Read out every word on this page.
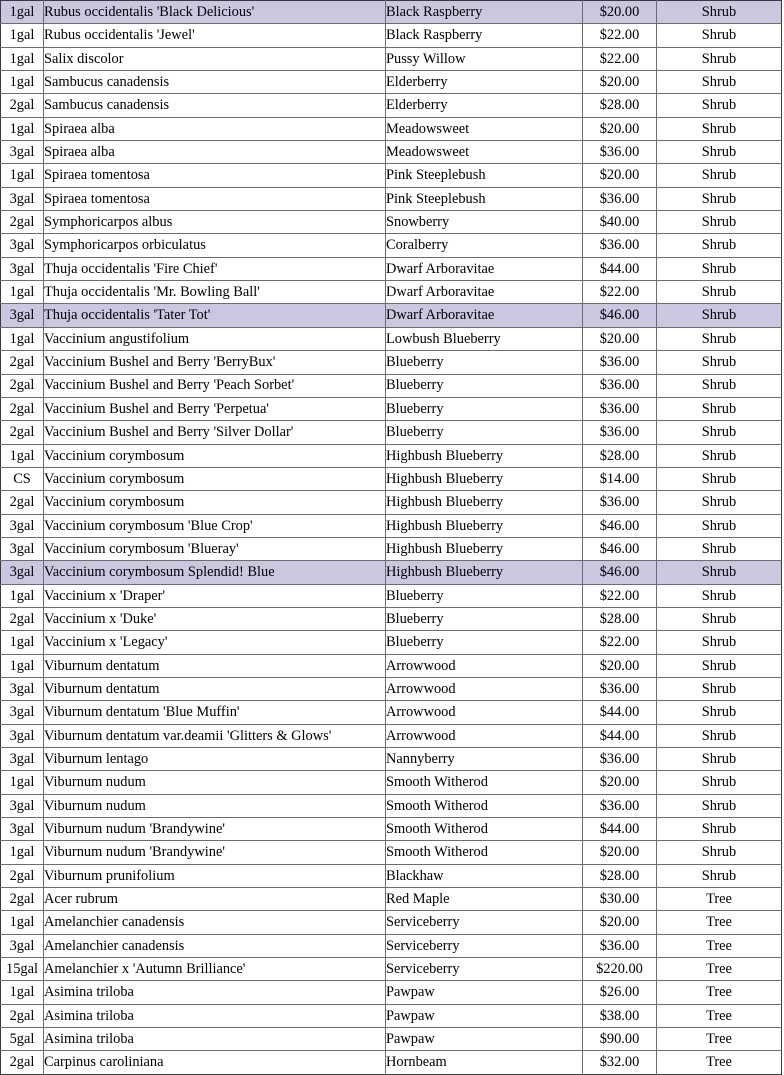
1gal	Rubus occidentalis 'Black Delicious'	Black Raspberry	$20.00	Shrub
1gal	Rubus occidentalis 'Jewel'	Black Raspberry	$22.00	Shrub
1gal	Salix discolor	Pussy Willow	$22.00	Shrub
1gal	Sambucus canadensis	Elderberry	$20.00	Shrub
2gal	Sambucus canadensis	Elderberry	$28.00	Shrub
1gal	Spiraea alba	Meadowsweet	$20.00	Shrub
3gal	Spiraea alba	Meadowsweet	$36.00	Shrub
1gal	Spiraea tomentosa	Pink Steeplebush	$20.00	Shrub
3gal	Spiraea tomentosa	Pink Steeplebush	$36.00	Shrub
2gal	Symphoricarpos albus	Snowberry	$40.00	Shrub
3gal	Symphoricarpos orbiculatus	Coralberry	$36.00	Shrub
3gal	Thuja occidentalis 'Fire Chief'	Dwarf Arboravitae	$44.00	Shrub
1gal	Thuja occidentalis 'Mr. Bowling Ball'	Dwarf Arboravitae	$22.00	Shrub
3gal	Thuja occidentalis 'Tater Tot'	Dwarf Arboravitae	$46.00	Shrub
1gal	Vaccinium angustifolium	Lowbush Blueberry	$20.00	Shrub
2gal	Vaccinium Bushel and Berry 'BerryBux'	Blueberry	$36.00	Shrub
2gal	Vaccinium Bushel and Berry 'Peach Sorbet'	Blueberry	$36.00	Shrub
2gal	Vaccinium Bushel and Berry 'Perpetua'	Blueberry	$36.00	Shrub
2gal	Vaccinium Bushel and Berry 'Silver Dollar'	Blueberry	$36.00	Shrub
1gal	Vaccinium corymbosum	Highbush Blueberry	$28.00	Shrub
CS	Vaccinium corymbosum	Highbush Blueberry	$14.00	Shrub
2gal	Vaccinium corymbosum	Highbush Blueberry	$36.00	Shrub
3gal	Vaccinium corymbosum 'Blue Crop'	Highbush Blueberry	$46.00	Shrub
3gal	Vaccinium corymbosum 'Blueray'	Highbush Blueberry	$46.00	Shrub
3gal	Vaccinium corymbosum Splendid! Blue	Highbush Blueberry	$46.00	Shrub
1gal	Vaccinium x 'Draper'	Blueberry	$22.00	Shrub
2gal	Vaccinium x 'Duke'	Blueberry	$28.00	Shrub
1gal	Vaccinium x 'Legacy'	Blueberry	$22.00	Shrub
1gal	Viburnum dentatum	Arrowwood	$20.00	Shrub
3gal	Viburnum dentatum	Arrowwood	$36.00	Shrub
3gal	Viburnum dentatum 'Blue Muffin'	Arrowwood	$44.00	Shrub
3gal	Viburnum dentatum var.deamii 'Glitters & Glows'	Arrowwood	$44.00	Shrub
3gal	Viburnum lentago	Nannyberry	$36.00	Shrub
1gal	Viburnum nudum	Smooth Witherod	$20.00	Shrub
3gal	Viburnum nudum	Smooth Witherod	$36.00	Shrub
3gal	Viburnum nudum 'Brandywine'	Smooth Witherod	$44.00	Shrub
1gal	Viburnum nudum 'Brandywine'	Smooth Witherod	$20.00	Shrub
2gal	Viburnum prunifolium	Blackhaw	$28.00	Shrub
2gal	Acer rubrum	Red Maple	$30.00	Tree
1gal	Amelanchier canadensis	Serviceberry	$20.00	Tree
3gal	Amelanchier canadensis	Serviceberry	$36.00	Tree
15gal	Amelanchier x 'Autumn Brilliance'	Serviceberry	$220.00	Tree
1gal	Asimina triloba	Pawpaw	$26.00	Tree
2gal	Asimina triloba	Pawpaw	$38.00	Tree
5gal	Asimina triloba	Pawpaw	$90.00	Tree
2gal	Carpinus caroliniana	Hornbeam	$32.00	Tree
